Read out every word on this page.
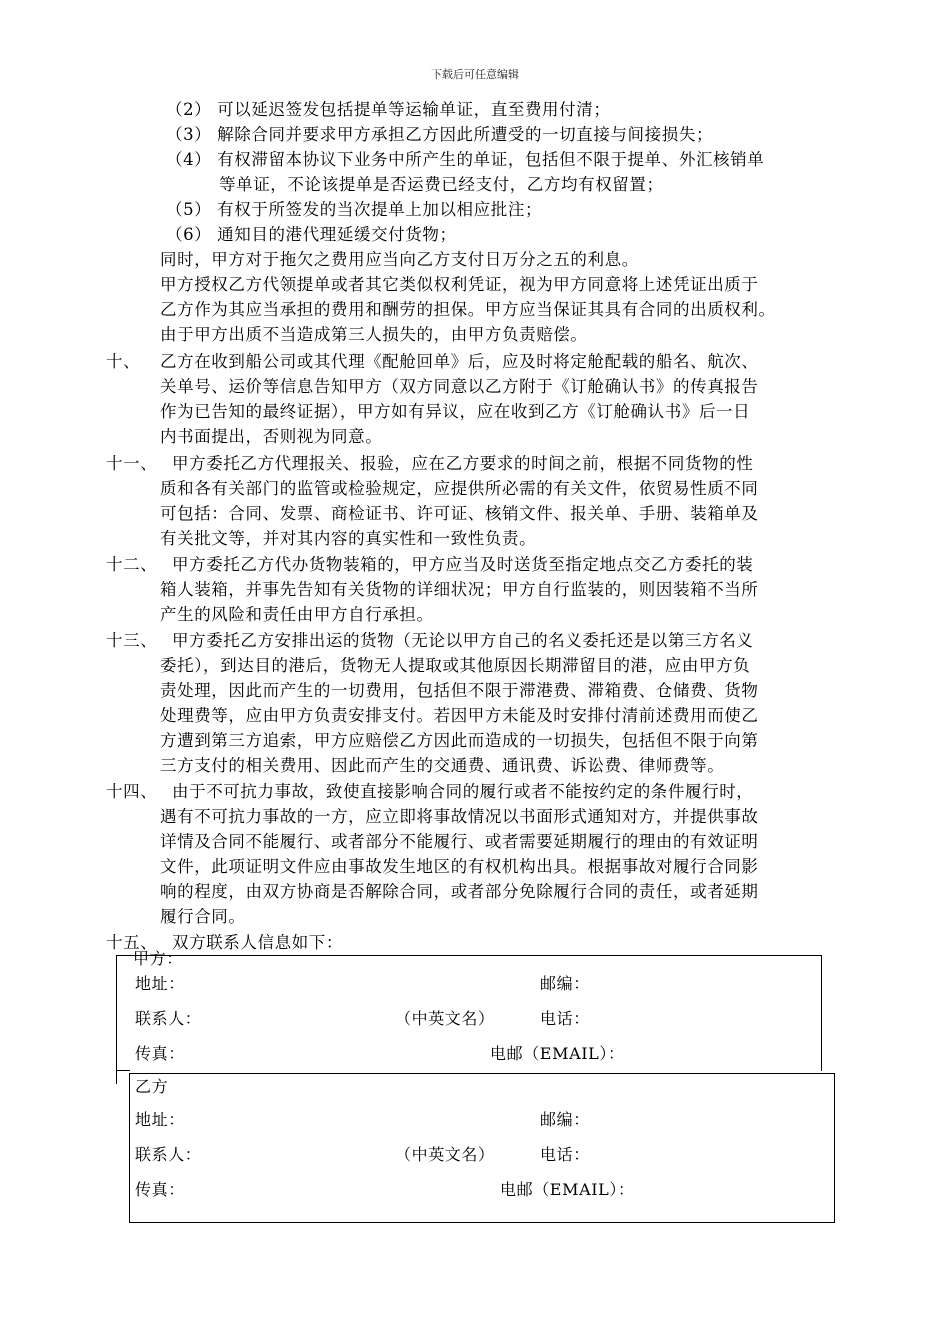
下载后可任意编辑
（2） 可以延迟签发包括提单等运输单证，直至费用付清；
（3） 解除合同并要求甲方承担乙方因此所遭受的一切直接与间接损失；
（4） 有权滞留本协议下业务中所产生的单证，包括但不限于提单、外汇核销单
等单证，不论该提单是否运费已经支付，乙方均有权留置；
（5） 有权于所签发的当次提单上加以相应批注；
（6） 通知目的港代理延缓交付货物；
同时，甲方对于拖欠之费用应当向乙方支付日万分之五的利息。
甲方授权乙方代领提单或者其它类似权利凭证，视为甲方同意将上述凭证出质于
乙方作为其应当承担的费用和酬劳的担保。甲方应当保证其具有合同的出质权利。
由于甲方出质不当造成第三人损失的，由甲方负责赔偿。
十、 乙方在收到船公司或其代理《配舱回单》后，应及时将定舱配载的船名、航次、
关单号、运价等信息告知甲方（双方同意以乙方附于《订舱确认书》的传真报告
作为已告知的最终证据），甲方如有异议，应在收到乙方《订舱确认书》后一日
内书面提出，否则视为同意。
十一、 甲方委托乙方代理报关、报验，应在乙方要求的时间之前，根据不同货物的性
质和各有关部门的监管或检验规定，应提供所必需的有关文件，依贸易性质不同
可包括：合同、发票、商检证书、许可证、核销文件、报关单、手册、装箱单及
有关批文等，并对其内容的真实性和一致性负责。
十二、 甲方委托乙方代办货物装箱的，甲方应当及时送货至指定地点交乙方委托的装
箱人装箱，并事先告知有关货物的详细状况；甲方自行监装的，则因装箱不当所
产生的风险和责任由甲方自行承担。
十三、 甲方委托乙方安排出运的货物（无论以甲方自己的名义委托还是以第三方名义
委托），到达目的港后，货物无人提取或其他原因长期滞留目的港，应由甲方负
责处理，因此而产生的一切费用，包括但不限于滞港费、滞箱费、仓储费、货物
处理费等，应由甲方负责安排支付。若因甲方未能及时安排付清前述费用而使乙
方遭到第三方追索，甲方应赔偿乙方因此而造成的一切损失，包括但不限于向第
三方支付的相关费用、因此而产生的交通费、通讯费、诉讼费、律师费等。
十四、 由于不可抗力事故，致使直接影响合同的履行或者不能按约定的条件履行时，
遇有不可抗力事故的一方，应立即将事故情况以书面形式通知对方，并提供事故
详情及合同不能履行、或者部分不能履行、或者需要延期履行的理由的有效证明
文件，此项证明文件应由事故发生地区的有权机构出具。根据事故对履行合同影
响的程度，由双方协商是否解除合同，或者部分免除履行合同的责任，或者延期
履行合同。
十五、 双方联系人信息如下：
甲方：
地址：	邮编：
联系人：	（中英文名）	电话：
传真：	电邮（EMAIL）：
乙方
地址：	邮编：
联系人：	（中英文名）	电话：
传真：	电邮（EMAIL）：
